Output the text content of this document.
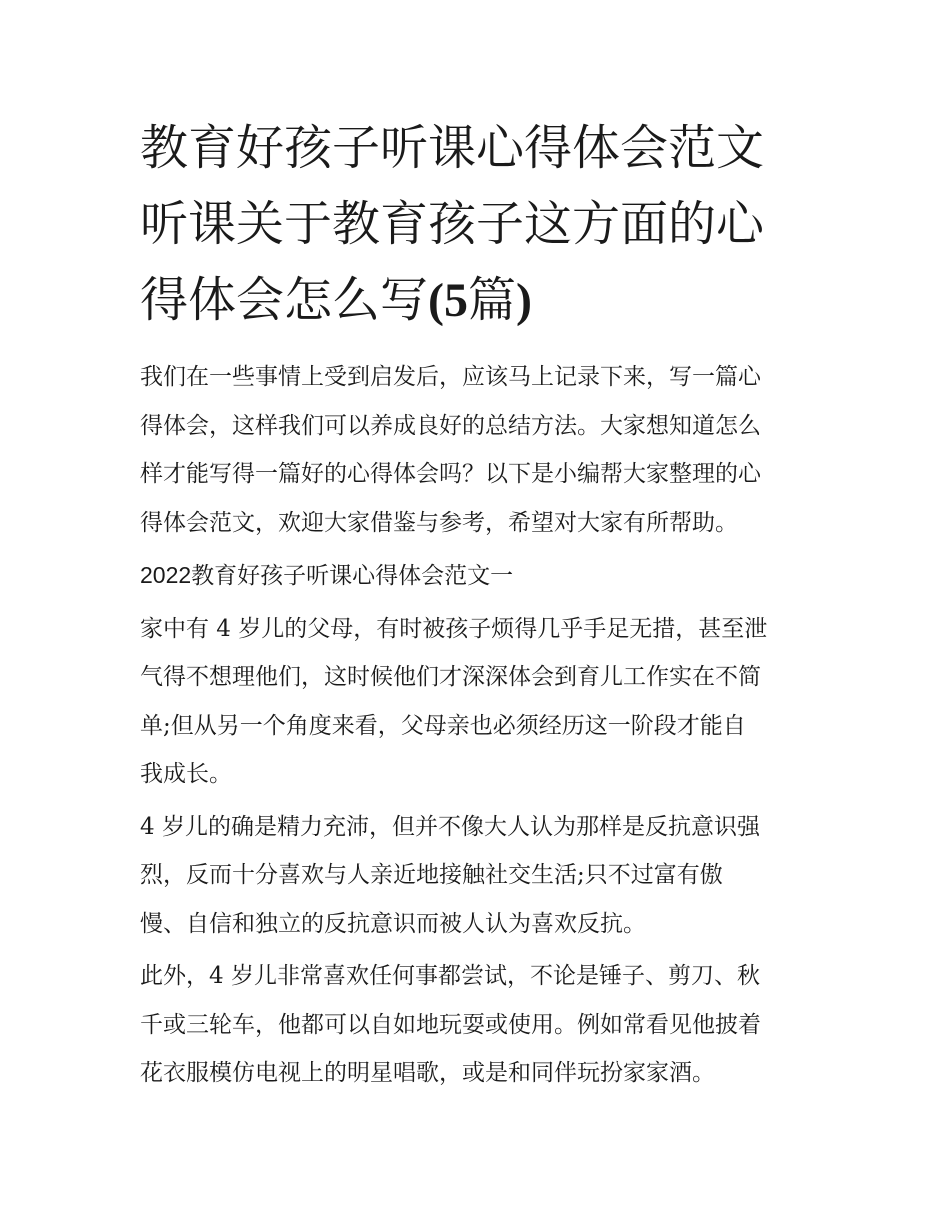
教育好孩子听课心得体会范文
听课关于教育孩子这方面的心
得体会怎么写(5篇)

我们在一些事情上受到启发后，应该马上记录下来，写一篇心
得体会，这样我们可以养成良好的总结方法。大家想知道怎么
样才能写得一篇好的心得体会吗？以下是小编帮大家整理的心
得体会范文，欢迎大家借鉴与参考，希望对大家有所帮助。

2022教育好孩子听课心得体会范文一

家中有 4 岁儿的父母，有时被孩子烦得几乎手足无措，甚至泄
气得不想理他们，这时候他们才深深体会到育儿工作实在不简
单;但从另一个角度来看，父母亲也必须经历这一阶段才能自
我成长。

4 岁儿的确是精力充沛，但并不像大人认为那样是反抗意识强
烈，反而十分喜欢与人亲近地接触社交生活;只不过富有傲
慢、自信和独立的反抗意识而被人认为喜欢反抗。

此外，4 岁儿非常喜欢任何事都尝试，不论是锤子、剪刀、秋
千或三轮车，他都可以自如地玩耍或使用。例如常看见他披着
花衣服模仿电视上的明星唱歌，或是和同伴玩扮家家酒。
